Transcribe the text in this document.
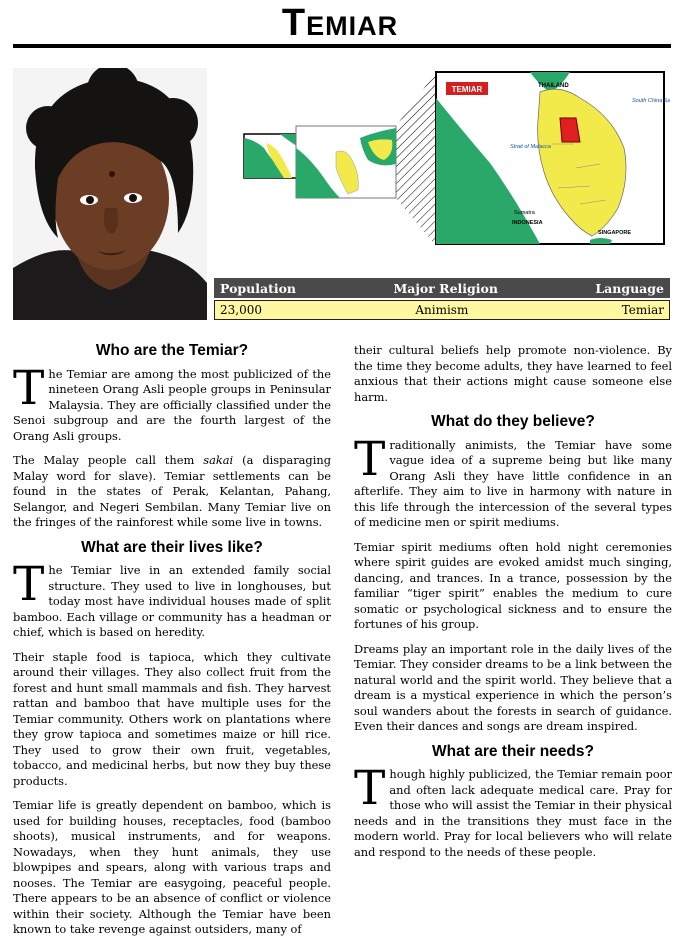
TEMIAR
TEMIAR	THAILAND
South China Sea
Strait of Malacca
Sumatra
INDONESIA
SINGAPORE
Population	Major Religion	Language
23,000	Animism	Temiar
Who are the Temiar?

The Temiar are among the most publicized of the nineteen Orang Asli people groups in Peninsular Malaysia. They are officially classified under the Senoi subgroup and are the fourth largest of the Orang Asli groups.

The Malay people call them sakai (a disparaging Malay word for slave). Temiar settlements can be found in the states of Perak, Kelantan, Pahang, Selangor, and Negeri Sembilan. Many Temiar live on the fringes of the rainforest while some live in towns.

What are their lives like?

The Temiar live in an extended family social structure. They used to live in longhouses, but today most have individual houses made of split bamboo. Each village or community has a headman or chief, which is based on heredity.

Their staple food is tapioca, which they cultivate around their villages. They also collect fruit from the forest and hunt small mammals and fish. They harvest rattan and bamboo that have multiple uses for the Temiar community. Others work on plantations where they grow tapioca and sometimes maize or hill rice. They used to grow their own fruit, vegetables, tobacco, and medicinal herbs, but now they buy these products.

Temiar life is greatly dependent on bamboo, which is used for building houses, receptacles, food (bamboo shoots), musical instruments, and for weapons. Nowadays, when they hunt animals, they use blowpipes and spears, along with various traps and nooses. The Temiar are easygoing, peaceful people. There appears to be an absence of conflict or violence within their society. Although the Temiar have been known to take revenge against outsiders, many of

their cultural beliefs help promote non-violence. By the time they become adults, they have learned to feel anxious that their actions might cause someone else harm.

What do they believe?

Traditionally animists, the Temiar have some vague idea of a supreme being but like many Orang Asli they have little confidence in an afterlife. They aim to live in harmony with nature in this life through the intercession of the several types of medicine men or spirit mediums.

Temiar spirit mediums often hold night ceremonies where spirit guides are evoked amidst much singing, dancing, and trances. In a trance, possession by the familiar “tiger spirit” enables the medium to cure somatic or psychological sickness and to ensure the fortunes of his group.

Dreams play an important role in the daily lives of the Temiar. They consider dreams to be a link between the natural world and the spirit world. They believe that a dream is a mystical experience in which the person’s soul wanders about the forests in search of guidance. Even their dances and songs are dream inspired.

What are their needs?

Though highly publicized, the Temiar remain poor and often lack adequate medical care. Pray for those who will assist the Temiar in their physical needs and in the transitions they must face in the modern world. Pray for local believers who will relate and respond to the needs of these people.
